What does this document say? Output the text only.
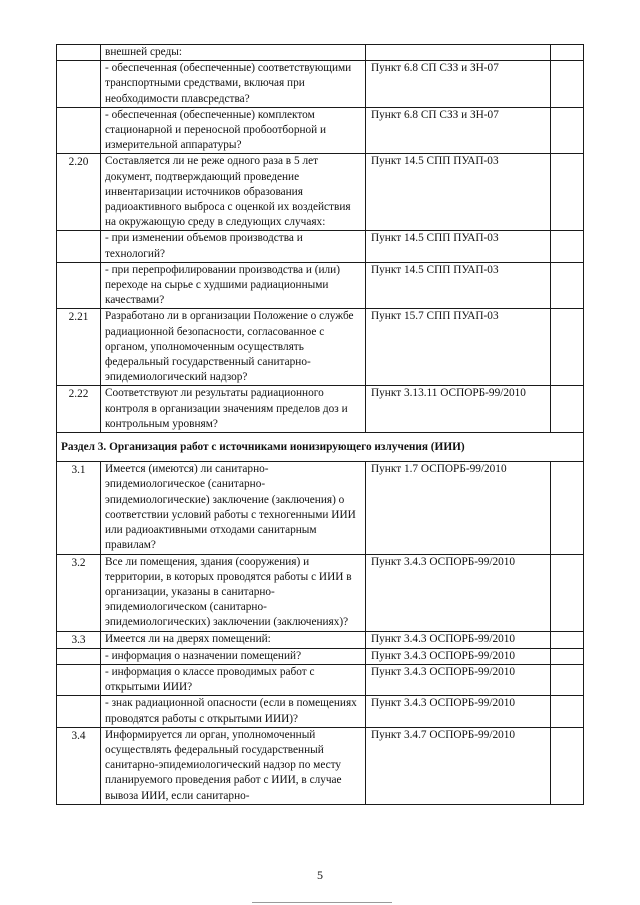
	внешней среды:		
	- обеспеченная (обеспеченные) соответствующими транспортными средствами, включая при необходимости плавсредства?	Пункт 6.8 СП СЗЗ и ЗН-07	
	- обеспеченная (обеспеченные) комплектом стационарной и переносной пробоотборной и измерительной аппаратуры?	Пункт 6.8 СП СЗЗ и ЗН-07	
2.20	Составляется ли не реже одного раза в 5 лет документ, подтверждающий проведение инвентаризации источников образования радиоактивного выброса с оценкой их воздействия на окружающую среду в следующих случаях:	Пункт 14.5 СПП ПУАП-03	
	- при изменении объемов производства и технологий?	Пункт 14.5 СПП ПУАП-03	
	- при перепрофилировании производства и (или) переходе на сырье с худшими радиационными качествами?	Пункт 14.5 СПП ПУАП-03	
2.21	Разработано ли в организации Положение о службе радиационной безопасности, согласованное с органом, уполномоченным осуществлять федеральный государственный санитарно-эпидемиологический надзор?	Пункт 15.7 СПП ПУАП-03	
2.22	Соответствуют ли результаты радиационного контроля в организации значениям пределов доз и контрольным уровням?	Пункт 3.13.11 ОСПОРБ-99/2010	
Раздел 3. Организация работ с источниками ионизирующего излучения (ИИИ)			
3.1	Имеется (имеются) ли санитарно-эпидемиологическое (санитарно-эпидемиологические) заключение (заключения) о соответствии условий работы с техногенными ИИИ или радиоактивными отходами санитарным правилам?	Пункт 1.7 ОСПОРБ-99/2010	
3.2	Все ли помещения, здания (сооружения) и территории, в которых проводятся работы с ИИИ в организации, указаны в санитарно-эпидемиологическом (санитарно-эпидемиологических) заключении (заключениях)?	Пункт 3.4.3 ОСПОРБ-99/2010	
3.3	Имеется ли на дверях помещений:	Пункт 3.4.3 ОСПОРБ-99/2010	
	- информация о назначении помещений?	Пункт 3.4.3 ОСПОРБ-99/2010	
	- информация о классе проводимых работ с открытыми ИИИ?	Пункт 3.4.3 ОСПОРБ-99/2010	
	- знак радиационной опасности (если в помещениях проводятся работы с открытыми ИИИ)?	Пункт 3.4.3 ОСПОРБ-99/2010	
3.4	Информируется ли орган, уполномоченный осуществлять федеральный государственный санитарно-эпидемиологический надзор по месту планируемого проведения работ с ИИИ, в случае вывоза ИИИ, если санитарно-	Пункт 3.4.7 ОСПОРБ-99/2010	
5
